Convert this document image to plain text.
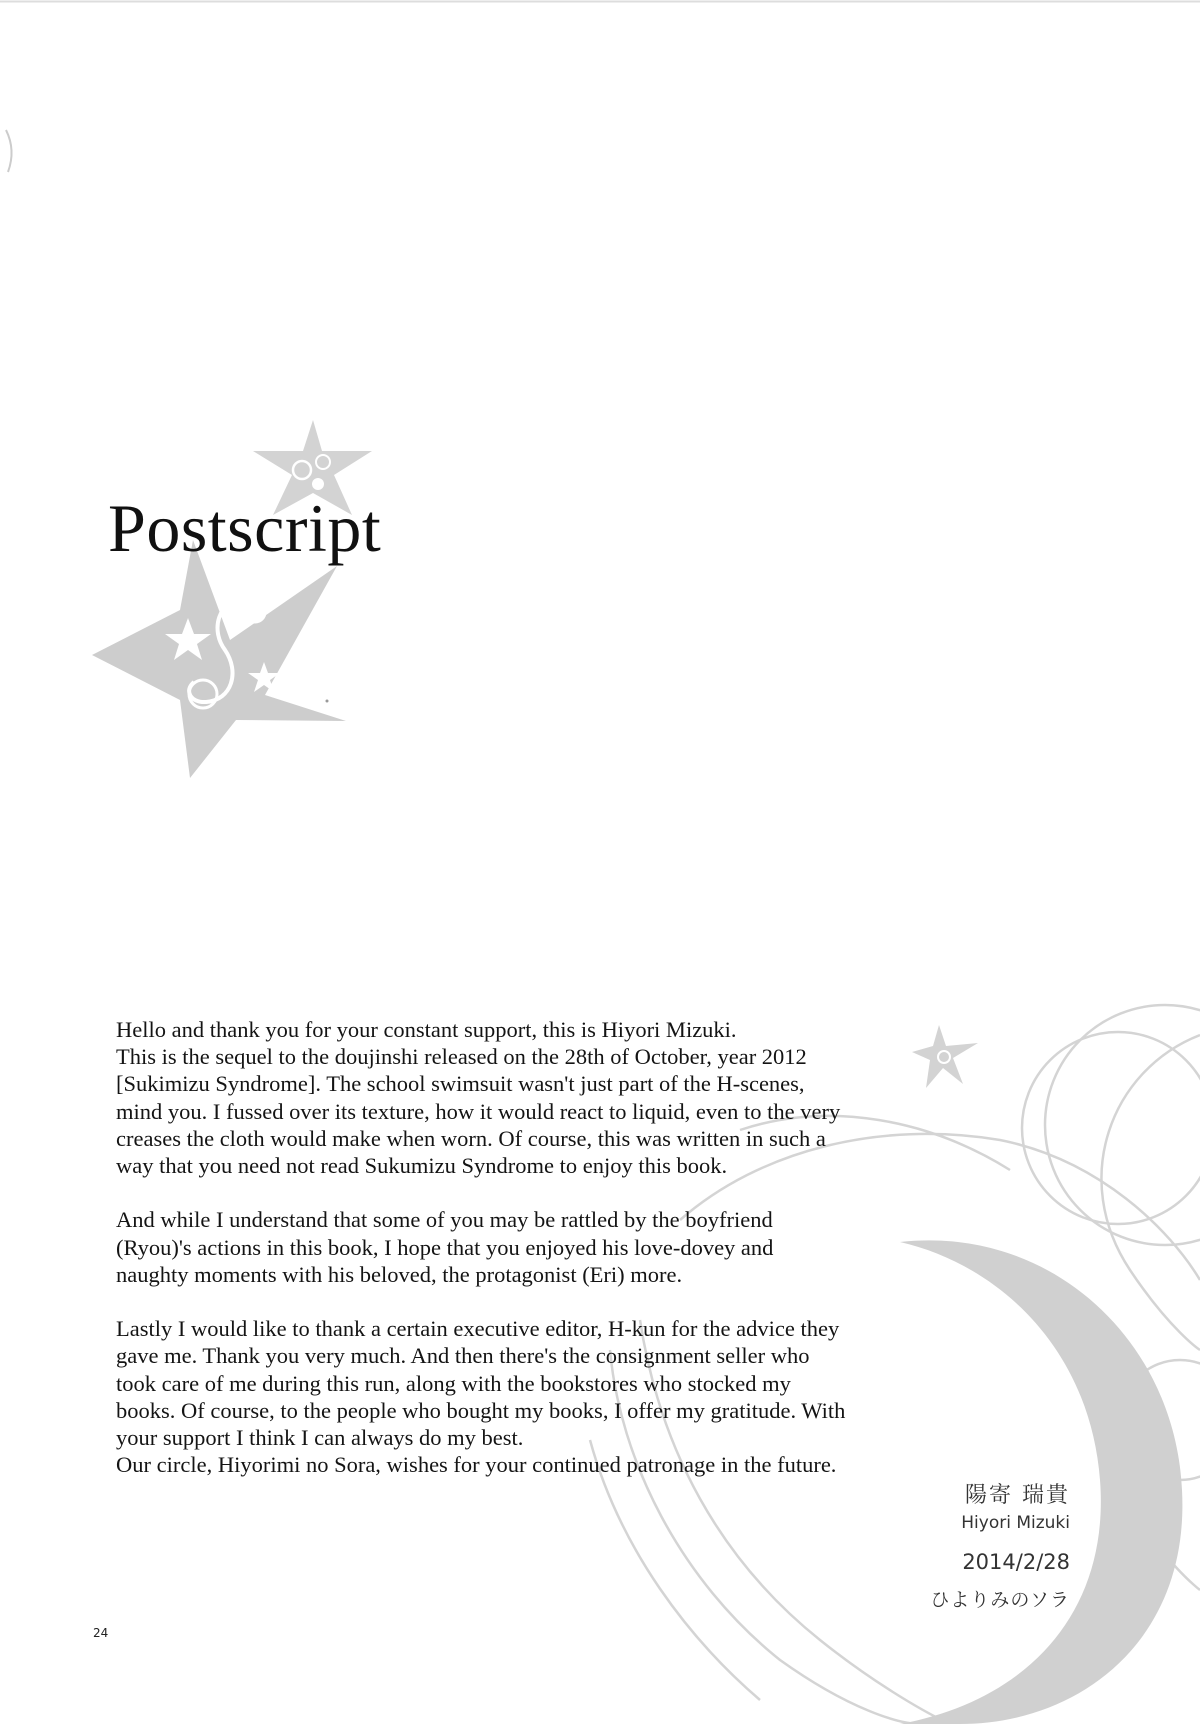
Postscript

Hello and thank you for your constant support, this is Hiyori Mizuki.

This is the sequel to the doujinshi released on the 28th of October, year 2012 [Sukimizu Syndrome]. The school swimsuit wasn't just part of the H-scenes, mind you. I fussed over its texture, how it would react to liquid, even to the very creases the cloth would make when worn. Of course, this was written in such a way that you need not read Sukumizu Syndrome to enjoy this book.

And while I understand that some of you may be rattled by the boyfriend (Ryou)'s actions in this book, I hope that you enjoyed his love-dovey and naughty moments with his beloved, the protagonist (Eri) more.

Lastly I would like to thank a certain executive editor, H-kun for the advice they gave me. Thank you very much. And then there's the consignment seller who took care of me during this run, along with the bookstores who stocked my books. Of course, to the people who bought my books, I offer my gratitude. With your support I think I can always do my best.

Our circle, Hiyorimi no Sora, wishes for your continued patronage in the future.

陽寄 瑞貴
Hiyori Mizuki
2014/2/28
ひよりみのソラ
24
